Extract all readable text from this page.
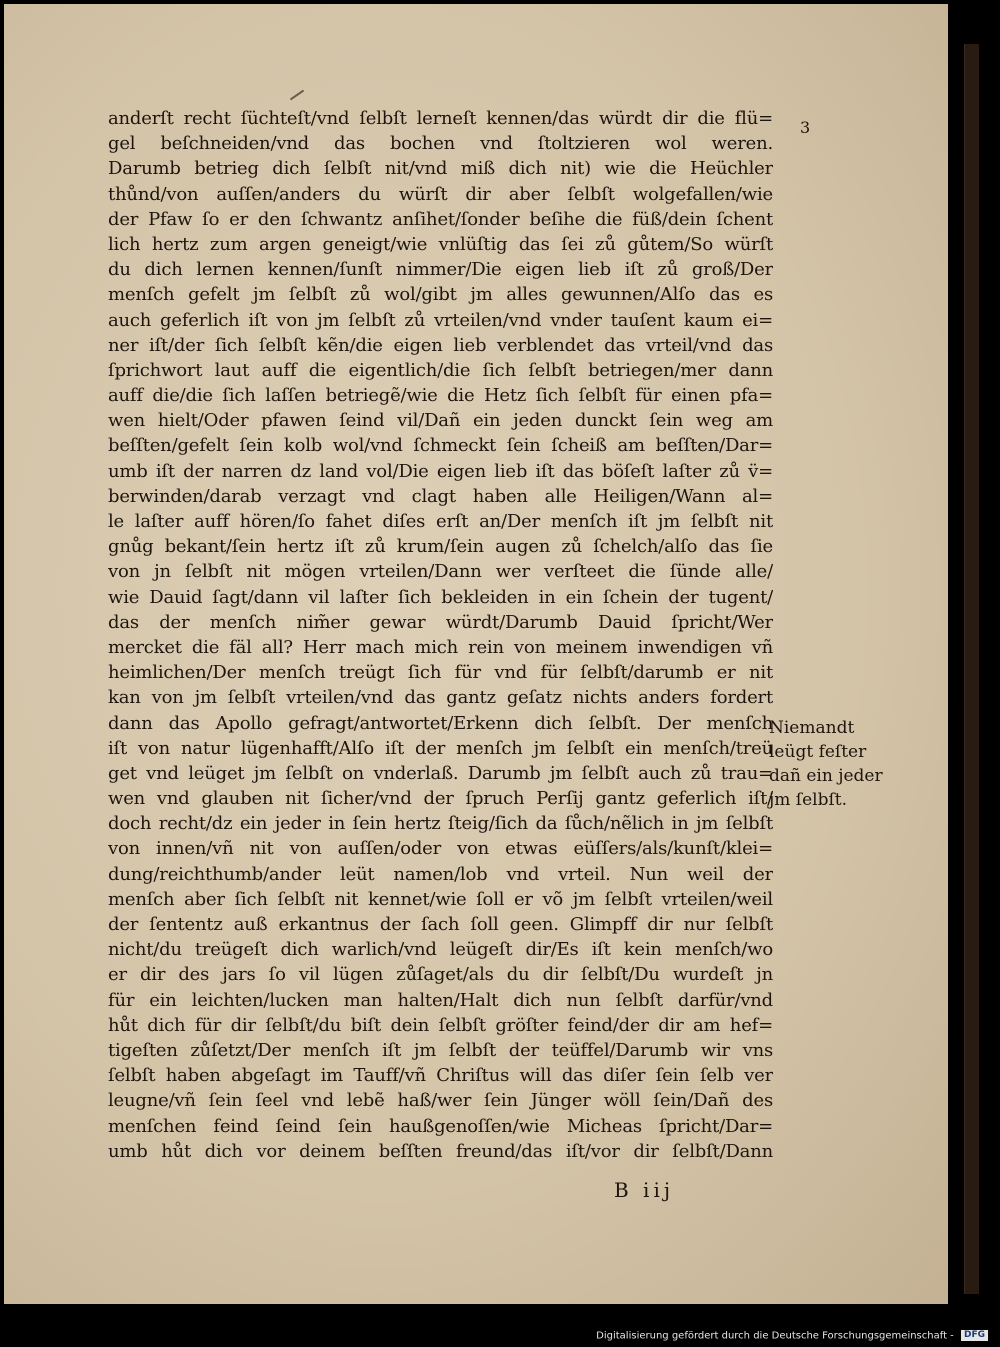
3
anderſt recht ſüchteſt/vnd ſelbſt lerneſt kennen/das würdt dir die flü=
gel beſchneiden/vnd das bochen vnd ſtoltzieren wol weren.
Darumb betrieg dich ſelbſt nit/vnd miß dich nit) wie die Heüchler
thůnd/von auſſen/anders du würſt dir aber ſelbſt wolgefallen/wie
der Pfaw ſo er den ſchwantz anſihet/ſonder beſihe die füß/dein ſchent
lich hertz zum argen geneigt/wie vnlüſtig das ſei zů gůtem/So würſt
du dich lernen kennen/ſunſt nimmer/Die eigen lieb iſt zů groß/Der
menſch gefelt jm ſelbſt zů wol/gibt jm alles gewunnen/Alſo das es
auch geferlich iſt von jm ſelbſt zů vrteilen/vnd vnder tauſent kaum ei=
ner iſt/der ſich ſelbſt kẽn/die eigen lieb verblendet das vrteil/vnd das
ſprichwort laut auff die eigentlich/die ſich ſelbſt betriegen/mer dann
auff die/die ſich laſſen betriegẽ/wie die Hetz ſich ſelbſt für einen pfa=
wen hielt/Oder pfawen ſeind vil/Dañ ein jeden dunckt ſein weg am
beſſten/gefelt ſein kolb wol/vnd ſchmeckt ſein ſcheiß am beſſten/Dar=
umb iſt der narren dz land vol/Die eigen lieb iſt das böſeſt laſter zů v̈=
berwinden/darab verzagt vnd clagt haben alle Heiligen/Wann al=
le laſter auff hören/ſo fahet diſes erſt an/Der menſch iſt jm ſelbſt nit
gnůg bekant/ſein hertz iſt zů krum/ſein augen zů ſchelch/alſo das ſie
von jn ſelbſt nit mögen vrteilen/Dann wer verſteet die ſünde alle/
wie Dauid ſagt/dann vil laſter ſich bekleiden in ein ſchein der tugent/
das der menſch nim̃er gewar würdt/Darumb Dauid ſpricht/Wer
mercket die fäl all? Herr mach mich rein von meinem inwendigen vñ
heimlichen/Der menſch treügt ſich für vnd für ſelbſt/darumb er nit
kan von jm ſelbſt vrteilen/vnd das gantz geſatz nichts anders fordert
dann das Apollo gefragt/antwortet/Erkenn dich ſelbſt. Der menſch
iſt von natur lügenhafft/Alſo iſt der menſch jm ſelbſt ein menſch/treü
get vnd leüget jm ſelbſt on vnderlaß. Darumb jm ſelbſt auch zů trau=
wen vnd glauben nit ſicher/vnd der ſpruch Perſij gantz geferlich iſt/
doch recht/dz ein jeder in ſein hertz ſteig/ſich da ſůch/nẽlich in jm ſelbſt
von innen/vñ nit von auſſen/oder von etwas eüſſers/als/kunſt/klei=
dung/reichthumb/ander leüt namen/lob vnd vrteil. Nun weil der
menſch aber ſich ſelbſt nit kennet/wie ſoll er võ jm ſelbſt vrteilen/weil
der ſententz auß erkantnus der ſach ſoll geen. Glimpff dir nur ſelbſt
nicht/du treügeſt dich warlich/vnd leügeſt dir/Es iſt kein menſch/wo
er dir des jars ſo vil lügen zůſaget/als du dir ſelbſt/Du wurdeſt jn
für ein leichten/lucken man halten/Halt dich nun ſelbſt darfür/vnd
hůt dich für dir ſelbſt/du biſt dein ſelbſt gröſter feind/der dir am hef=
tigeſten zůſetzt/Der menſch iſt jm ſelbſt der teüffel/Darumb wir vns
ſelbſt haben abgeſagt im Tauff/vñ Chriſtus will das diſer ſein ſelb ver
leugne/vñ ſein ſeel vnd lebẽ haß/wer ſein Jünger wöll ſein/Dañ des
menſchen feind ſeind ſein haußgenoſſen/wie Micheas ſpricht/Dar=
umb hůt dich vor deinem beſſten freund/das iſt/vor dir ſelbſt/Dann
Niemandt
leügt feſter
dañ ein jeder
jm ſelbſt.
B iij
Digitalisierung gefördert durch die Deutsche Forschungsgemeinschaft - DFG
